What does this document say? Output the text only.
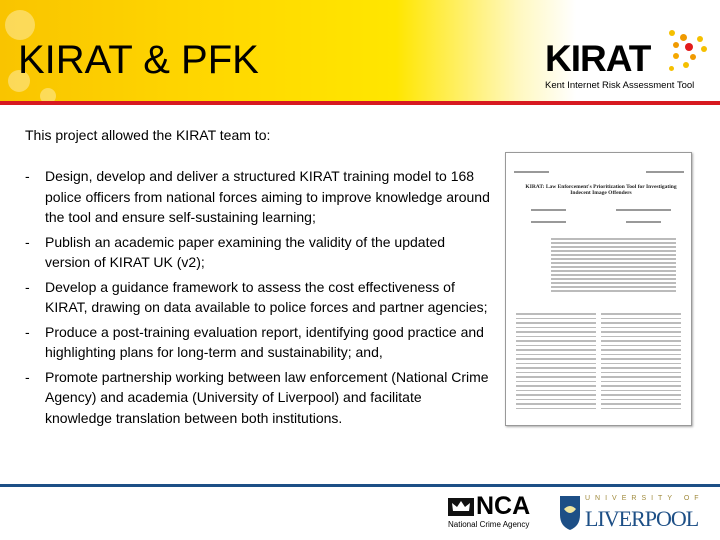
KIRAT & PFK	KIRAT
Kent Internet Risk Assessment Tool
This project allowed the KIRAT team to:
- Design, develop and deliver a structured KIRAT training model to 168 police officers from national forces aiming to improve knowledge around the tool and ensure self-sustaining learning;
- Publish an academic paper examining the validity of the updated version of KIRAT UK (v2);
- Develop a guidance framework to assess the cost effectiveness of KIRAT, drawing on data available to police forces and partner agencies;
- Produce a post-training evaluation report, identifying good practice and highlighting plans for long-term and sustainability; and,
- Promote partnership working between law enforcement (National Crime Agency) and academia (University of Liverpool) and facilitate knowledge translation between both institutions.
KIRAT: Law Enforcement's Prioritization Tool for Investigating Indecent Image Offenders
NCA
National Crime Agency
UNIVERSITY OF
LIVERPOOL
